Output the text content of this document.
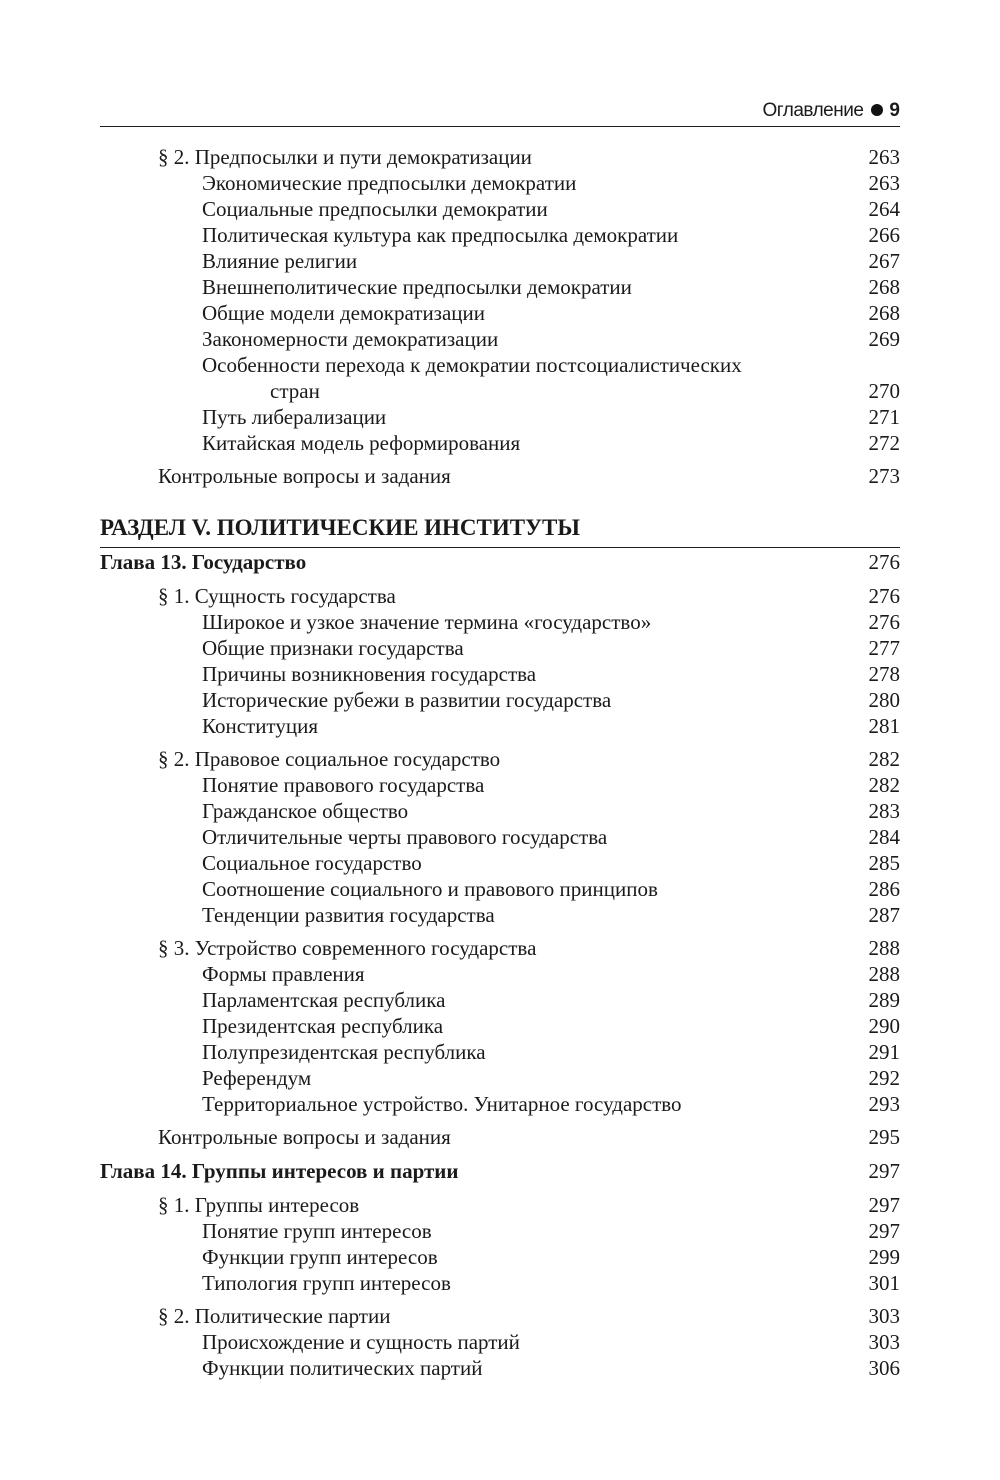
Оглавление 9
§ 2. Предпосылки и пути демократизации	263
Экономические предпосылки демократии	263
Социальные предпосылки демократии	264
Политическая культура как предпосылка демократии	266
Влияние религии	267
Внешнеполитические предпосылки демократии	268
Общие модели демократизации	268
Закономерности демократизации	269
Особенности перехода к демократии постсоциалистических
стран	270
Путь либерализации	271
Китайская модель реформирования	272
Контрольные вопросы и задания	273
РАЗДЕЛ V. ПОЛИТИЧЕСКИЕ ИНСТИТУТЫ
Глава 13. Государство	276
§ 1. Сущность государства	276
Широкое и узкое значение термина «государство»	276
Общие признаки государства	277
Причины возникновения государства	278
Исторические рубежи в развитии государства	280
Конституция	281
§ 2. Правовое социальное государство	282
Понятие правового государства	282
Гражданское общество	283
Отличительные черты правового государства	284
Социальное государство	285
Соотношение социального и правового принципов	286
Тенденции развития государства	287
§ 3. Устройство современного государства	288
Формы правления	288
Парламентская республика	289
Президентская республика	290
Полупрезидентская республика	291
Референдум	292
Территориальное устройство. Унитарное государство	293
Контрольные вопросы и задания	295
Глава 14. Группы интересов и партии	297
§ 1. Группы интересов	297
Понятие групп интересов	297
Функции групп интересов	299
Типология групп интересов	301
§ 2. Политические партии	303
Происхождение и сущность партий	303
Функции политических партий	306
